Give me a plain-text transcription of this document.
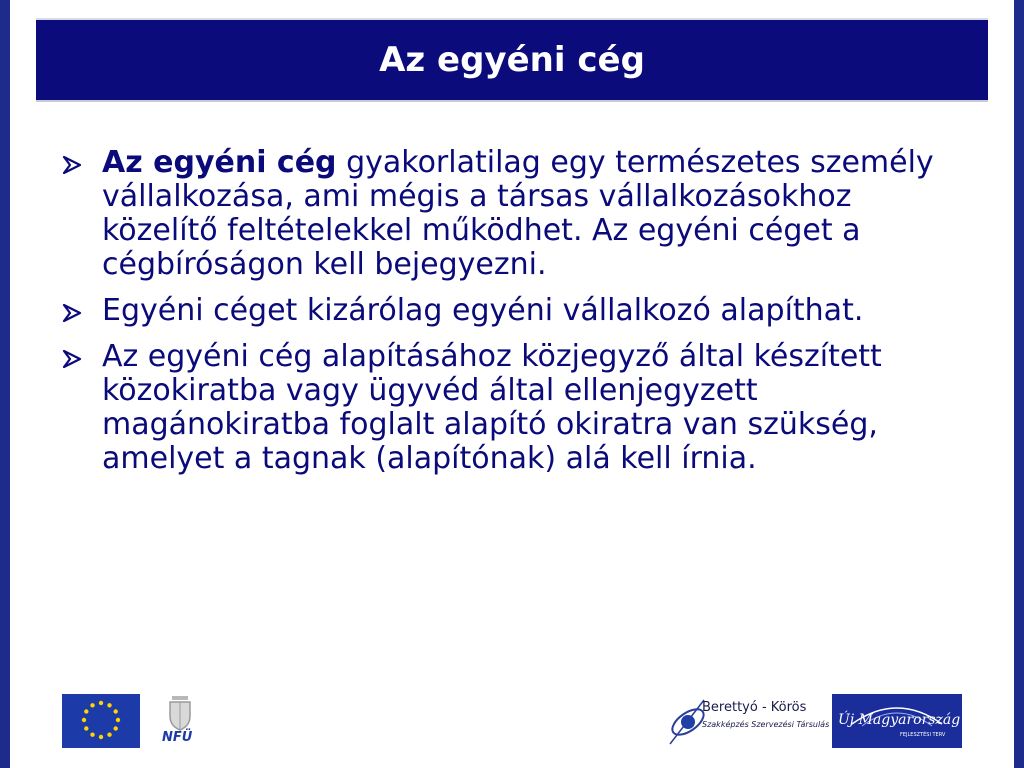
Az egyéni cég
Az egyéni cég gyakorlatilag egy természetes személy vállalkozása, ami mégis a társas vállalkozásokhoz közelítő feltételekkel működhet. Az egyéni céget a cégbíróságon kell bejegyezni.
Egyéni céget kizárólag egyéni vállalkozó alapíthat.
Az egyéni cég alapításához közjegyző által készített közokiratba vagy ügyvéd által ellenjegyzett magánokiratba foglalt alapító okiratra van szükség, amelyet a tagnak (alapítónak) alá kell írnia.
NFÜ
Berettyó - Körös
Szakképzés Szervezési Társulás Új Magyarország
FEJLESZTÉSI TERV
